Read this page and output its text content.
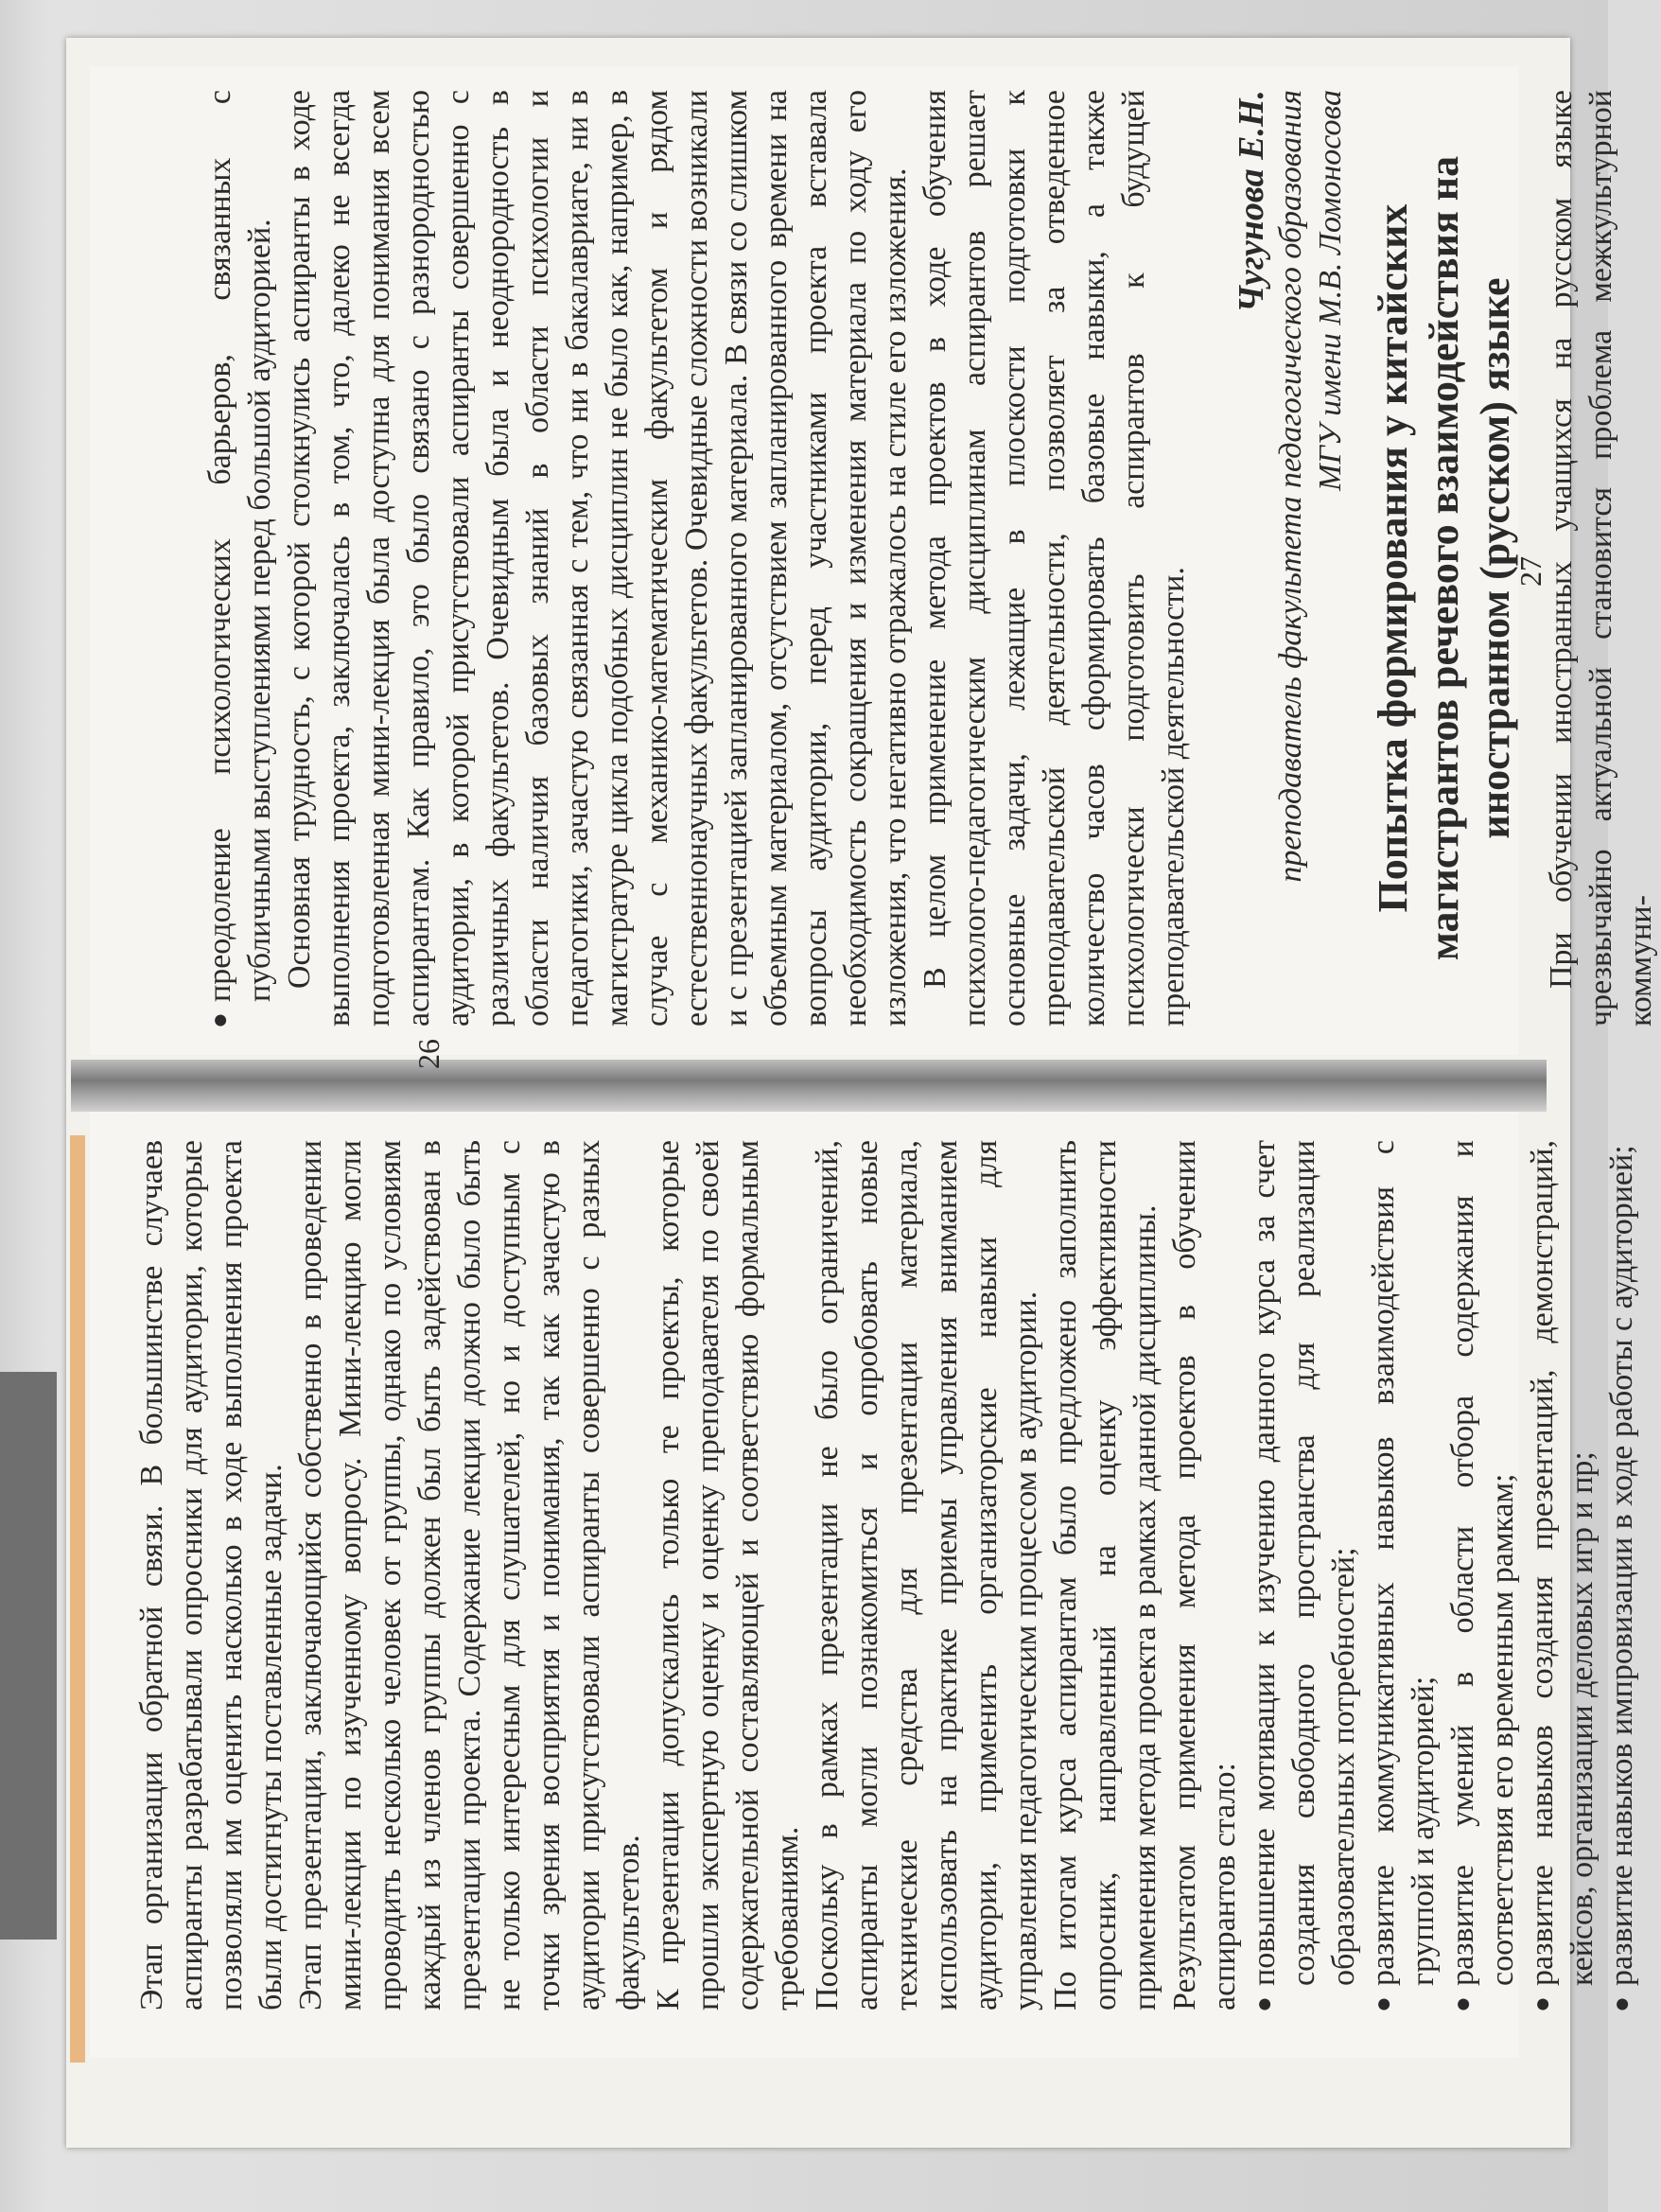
Этап организации обратной связи. В большинстве случаев аспиранты разрабатывали опросники для аудитории, которые позволяли им оценить насколько в ходе выполнения проекта были достигнуты поставленные задачи. Этап презентации, заключающийся собственно в проведении мини-лекции по изученному вопросу. Мини-лекцию могли проводить несколько человек от группы, однако по условиям каждый из членов группы должен был быть задействован в презентации проекта. Содержание лекции должно было быть не только интересным для слушателей, но и доступным с точки зрения восприятия и понимания, так как зачастую в аудитории присутствовали аспиранты совершенно с разных факультетов. К презентации допускались только те проекты, которые прошли экспертную оценку и оценку преподавателя по своей содержательной составляющей и соответствию формальным требованиям. Поскольку в рамках презентации не было ограничений, аспиранты могли познакомиться и опробовать новые технические средства для презентации материала, использовать на практике приемы управления вниманием аудитории, применить организаторские навыки для управления педагогическим процессом в аудитории. По итогам курса аспирантам было предложено заполнить опросник, направленный на оценку эффективности применения метода проекта в рамках данной дисциплины. Результатом применения метода проектов в обучении аспирантов стало: ●
повышение мотивации к изучению данного курса за счет создания свободного пространства для реализации образовательных потребностей;
●
развитие коммуникативных навыков взаимодействия с группой и аудиторией;
●
развитие умений в области отбора содержания и соответствия его временным рамкам;
●
развитие навыков создания презентаций, демонстраций, кейсов, организации деловых игр и пр;
●
развитие навыков импровизации в ходе работы с аудиторией;
26
●
преодоление психологических барьеров, связанных с публичными выступлениями перед большой аудиторией. Основная трудность, с которой столкнулись аспиранты в ходе выполнения проекта, заключалась в том, что, далеко не всегда подготовленная мини-лекция была доступна для понимания всем аспирантам. Как правило, это было связано с разнородностью аудитории, в которой присутствовали аспиранты совершенно с различных факультетов. Очевидным была и неоднородность в области наличия базовых знаний в области психологии и педагогики, зачастую связанная с тем, что ни в бакалавриате, ни в магистратуре цикла подобных дисциплин не было как, например, в случае с механико-математическим факультетом и рядом естественнонаучных факультетов. Очевидные сложности возникали и с презентацией запланированного материала. В связи со слишком объемным материалом, отсутствием запланированного времени на вопросы аудитории, перед участниками проекта вставала необходимость сокращения и изменения материала по ходу его изложения, что негативно отражалось на стиле его изложения. В целом применение метода проектов в ходе обучения психолого-педагогическим дисциплинам аспирантов решает основные задачи, лежащие в плоскости подготовки к преподавательской деятельности, позволяет за отведенное количество часов сформировать базовые навыки, а также психологически подготовить аспирантов к будущей преподавательской деятельности.

Чугунова Е.Н. преподаватель факультета педагогического образования МГУ имени М.В. Ломоносова Попытка формирования у китайских магистрантов речевого взаимодействия на иностранном (русском) языке При обучении иностранных учащихся на русском языке чрезвычайно актуальной становится проблема межкультурной коммуни-

27
